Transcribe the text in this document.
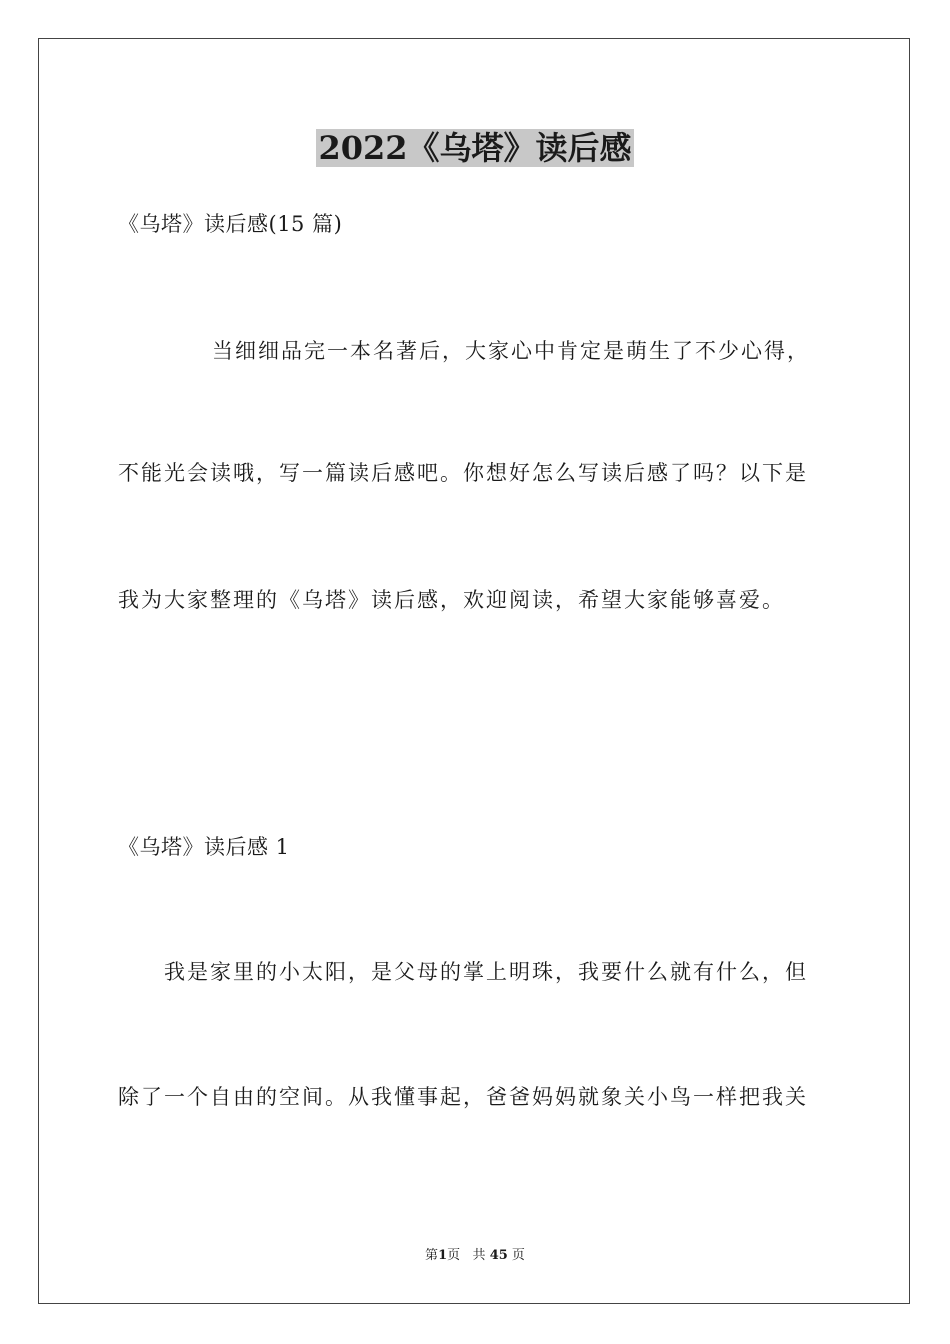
2022《乌塔》读后感
《乌塔》读后感(15 篇)
当细细品完一本名著后，大家心中肯定是萌生了不少心得，
不能光会读哦，写一篇读后感吧。你想好怎么写读后感了吗？以下是
我为大家整理的《乌塔》读后感，欢迎阅读，希望大家能够喜爱。
《乌塔》读后感 1
我是家里的小太阳，是父母的掌上明珠，我要什么就有什么，但
除了一个自由的空间。从我懂事起，爸爸妈妈就象关小鸟一样把我关
第1页 共 45 页
